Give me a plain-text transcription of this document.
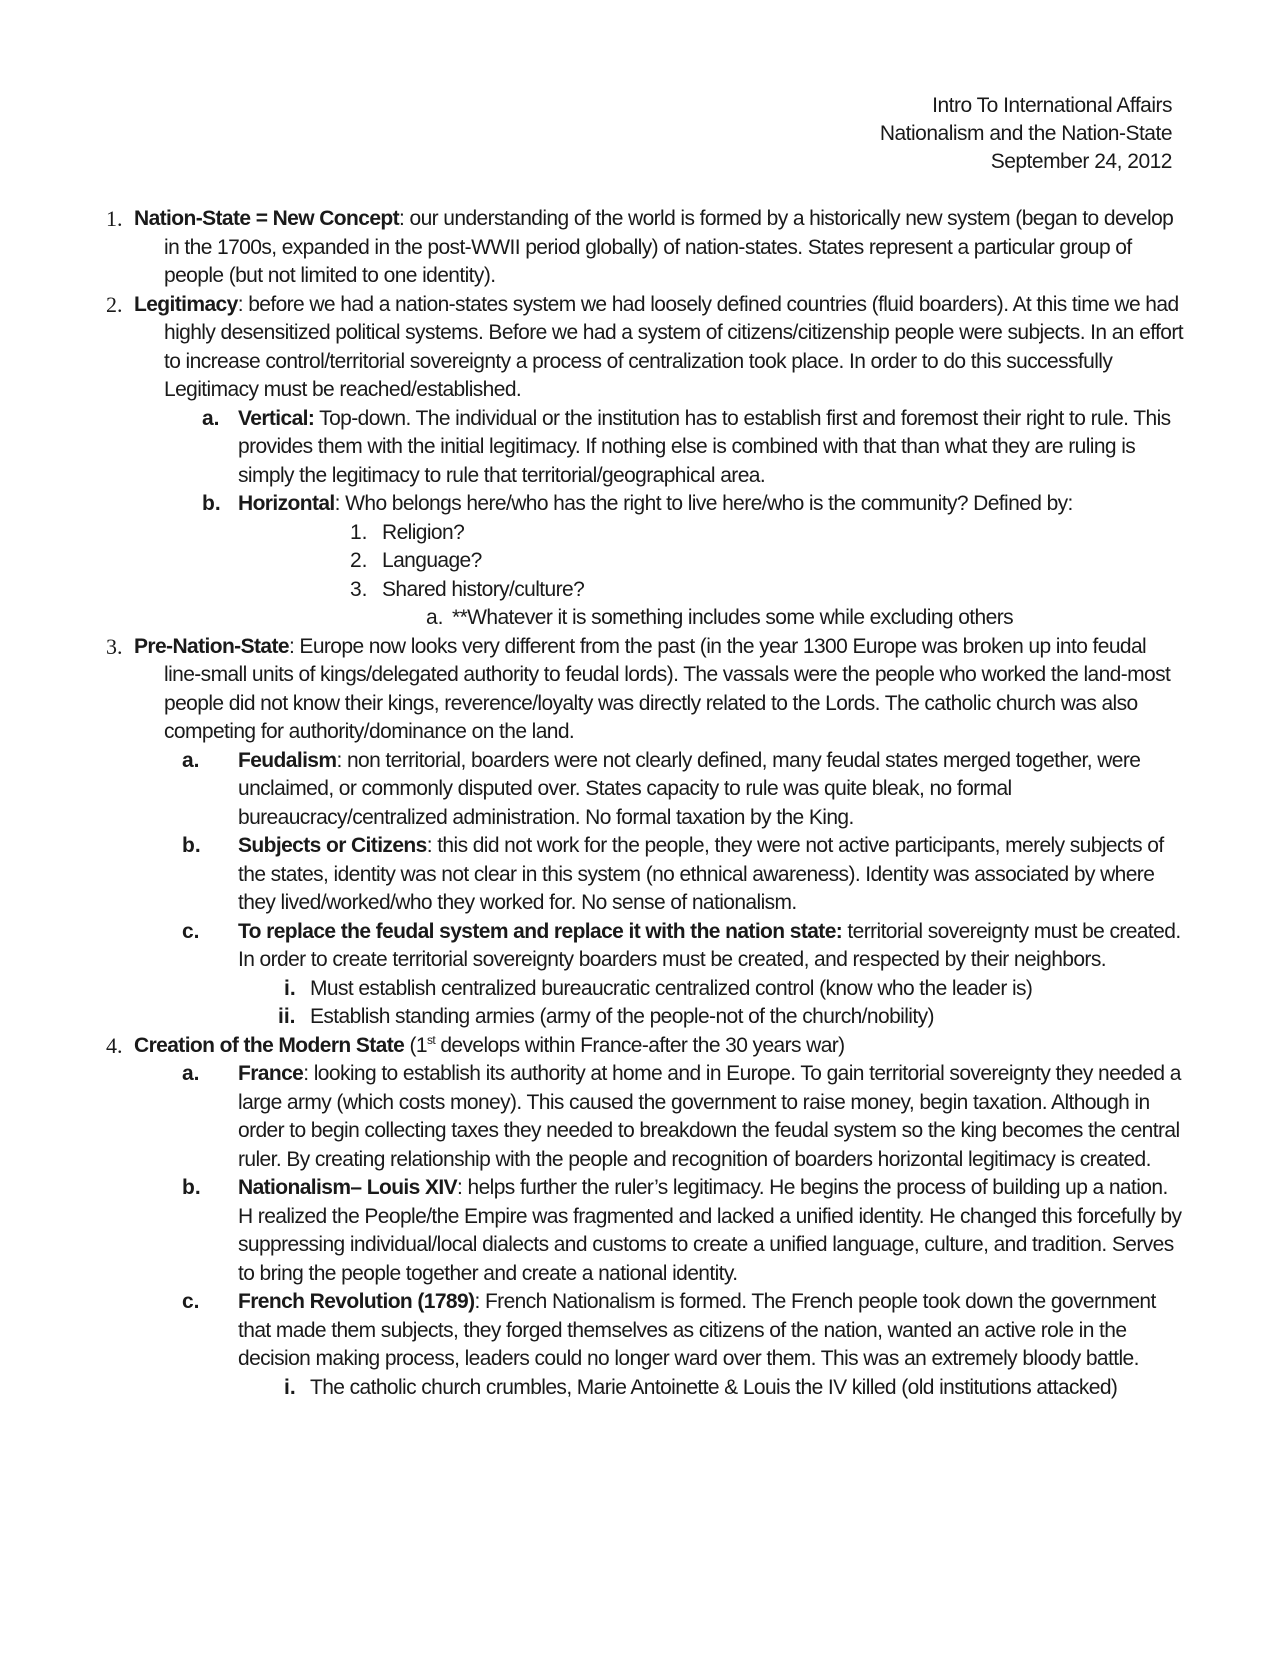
Intro To International Affairs
Nationalism and the Nation-State
September 24, 2012
1. Nation-State = New Concept: our understanding of the world is formed by a historically new system (began to develop in the 1700s, expanded in the post-WWII period globally) of nation-states. States represent a particular group of people (but not limited to one identity).
2. Legitimacy: before we had a nation-states system we had loosely defined countries (fluid boarders). At this time we had highly desensitized political systems. Before we had a system of citizens/citizenship people were subjects. In an effort to increase control/territorial sovereignty a process of centralization took place. In order to do this successfully Legitimacy must be reached/established.
a. Vertical: Top-down. The individual or the institution has to establish first and foremost their right to rule. This provides them with the initial legitimacy. If nothing else is combined with that than what they are ruling is simply the legitimacy to rule that territorial/geographical area.
b. Horizontal: Who belongs here/who has the right to live here/who is the community? Defined by:
1. Religion?
2. Language?
3. Shared history/culture?
a. **Whatever it is something includes some while excluding others
3. Pre-Nation-State: Europe now looks very different from the past (in the year 1300 Europe was broken up into feudal line-small units of kings/delegated authority to feudal lords). The vassals were the people who worked the land-most people did not know their kings, reverence/loyalty was directly related to the Lords. The catholic church was also competing for authority/dominance on the land.
a. Feudalism: non territorial, boarders were not clearly defined, many feudal states merged together, were unclaimed, or commonly disputed over. States capacity to rule was quite bleak, no formal bureaucracy/centralized administration. No formal taxation by the King.
b. Subjects or Citizens: this did not work for the people, they were not active participants, merely subjects of the states, identity was not clear in this system (no ethnical awareness). Identity was associated by where they lived/worked/who they worked for. No sense of nationalism.
c. To replace the feudal system and replace it with the nation state: territorial sovereignty must be created. In order to create territorial sovereignty boarders must be created, and respected by their neighbors.
i. Must establish centralized bureaucratic centralized control (know who the leader is)
ii. Establish standing armies (army of the people-not of the church/nobility)
4. Creation of the Modern State (1st develops within France-after the 30 years war)
a. France: looking to establish its authority at home and in Europe. To gain territorial sovereignty they needed a large army (which costs money). This caused the government to raise money, begin taxation. Although in order to begin collecting taxes they needed to breakdown the feudal system so the king becomes the central ruler. By creating relationship with the people and recognition of boarders horizontal legitimacy is created.
b. Nationalism– Louis XIV: helps further the ruler’s legitimacy. He begins the process of building up a nation. H realized the People/the Empire was fragmented and lacked a unified identity. He changed this forcefully by suppressing individual/local dialects and customs to create a unified language, culture, and tradition. Serves to bring the people together and create a national identity.
c. French Revolution (1789): French Nationalism is formed. The French people took down the government that made them subjects, they forged themselves as citizens of the nation, wanted an active role in the decision making process, leaders could no longer ward over them. This was an extremely bloody battle.
i. The catholic church crumbles, Marie Antoinette & Louis the IV killed (old institutions attacked)
